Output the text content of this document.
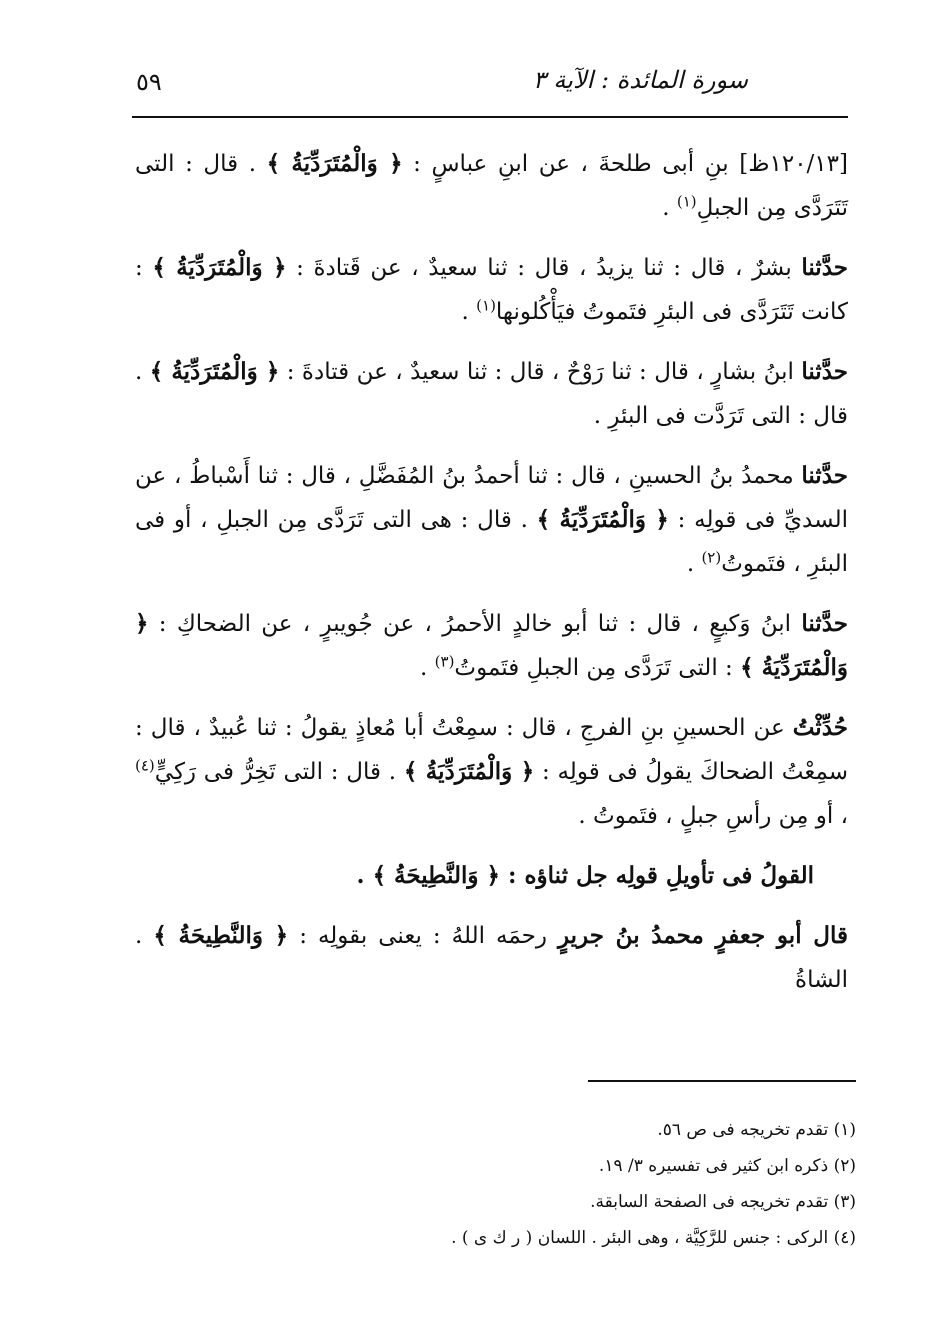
٥٩	سورة المائدة : الآية ٣

[١٢٠/١٣ظ] بنِ أبى طلحةَ ، عن ابنِ عباسٍ : ﴿ وَالْمُتَرَدِّيَةُ ﴾ . قال : التى تَتَرَدَّى مِن الجبلِ$^{(١)}$ .

حدَّثنا بشرٌ ، قال : ثنا يزيدُ ، قال : ثنا سعيدٌ ، عن قَتادةَ : ﴿ وَالْمُتَرَدِّيَةُ ﴾ : كانت تَتَرَدَّى فى البئرِ فتَموتُ فيَأْكُلونها$^{(١)}$ .

حدَّثنا ابنُ بشارٍ ، قال : ثنا رَوْحٌ ، قال : ثنا سعيدٌ ، عن قتادةَ : ﴿ وَالْمُتَرَدِّيَةُ ﴾ . قال : التى تَرَدَّت فى البئرِ .

حدَّثنا محمدُ بنُ الحسينِ ، قال : ثنا أحمدُ بنُ المُفَضَّلِ ، قال : ثنا أَسْباطُ ، عن السديِّ فى قولِه : ﴿ وَالْمُتَرَدِّيَةُ ﴾ . قال : هى التى تَرَدَّى مِن الجبلِ ، أو فى البئرِ ، فتَموتُ$^{(٢)}$ .

حدَّثنا ابنُ وَكيعٍ ، قال : ثنا أبو خالدٍ الأحمرُ ، عن جُويبرٍ ، عن الضحاكِ : ﴿ وَالْمُتَرَدِّيَةُ ﴾ : التى تَرَدَّى مِن الجبلِ فتَموتُ$^{(٣)}$ .

حُدِّثْتُ عن الحسينِ بنِ الفرجِ ، قال : سمِعْتُ أبا مُعاذٍ يقولُ : ثنا عُبيدٌ ، قال : سمِعْتُ الضحاكَ يقولُ فى قولِه : ﴿ وَالْمُتَرَدِّيَةُ ﴾ . قال : التى تَخِرُّ فى رَكِيٍّ$^{(٤)}$ ، أو مِن رأسِ جبلٍ ، فتَموتُ .

القولُ فى تأويلِ قولِه جل ثناؤه : ﴿ وَالنَّطِيحَةُ ﴾ .

قال أبو جعفرٍ محمدُ بنُ جريرٍ رحمَه اللهُ : يعنى بقولِه : ﴿ وَالنَّطِيحَةُ ﴾ . الشاةُ

(١) تقدم تخريجه فى ص ٥٦.

(٢) ذكره ابن كثير فى تفسيره ٣/ ١٩.

(٣) تقدم تخريجه فى الصفحة السابقة.

(٤) الركى : جنس للرَّكِيَّة ، وهى البئر . اللسان ( ر ك ى ) .
